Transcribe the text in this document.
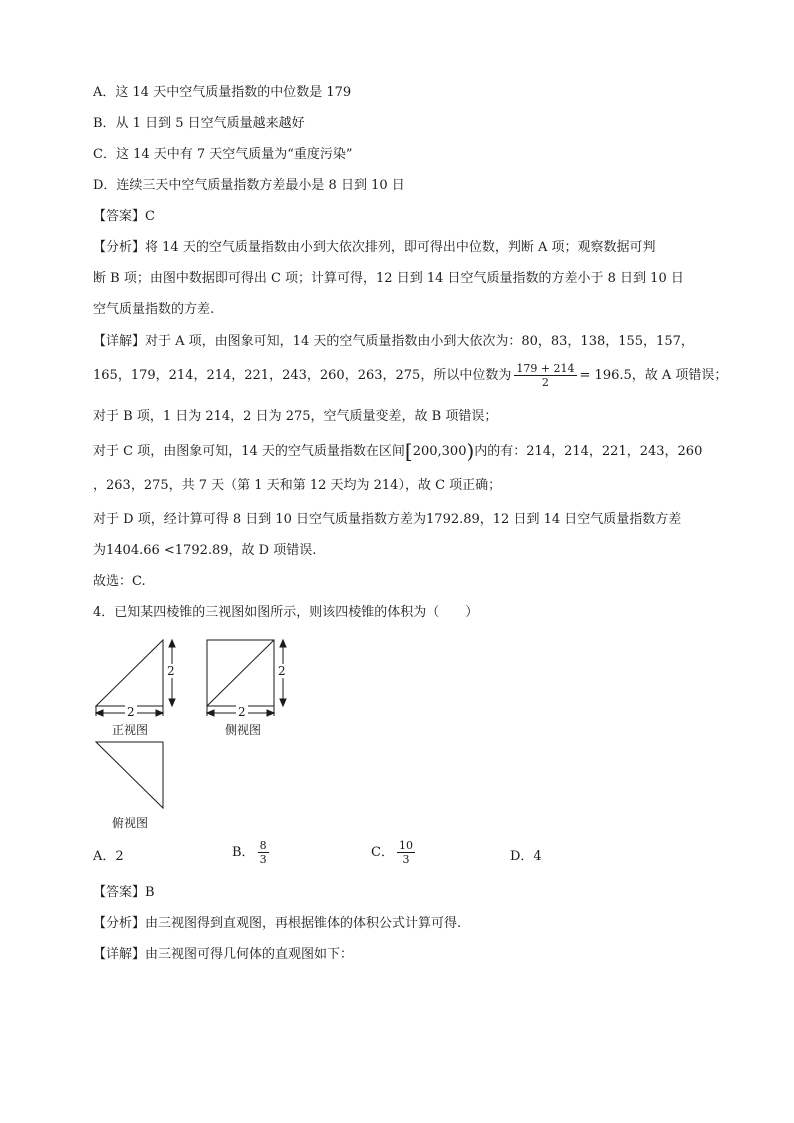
A．这 14 天中空气质量指数的中位数是 179
B．从 1 日到 5 日空气质量越来越好
C．这 14 天中有 7 天空气质量为“重度污染”
D．连续三天中空气质量指数方差最小是 8 日到 10 日
【答案】C
【分析】将 14 天的空气质量指数由小到大依次排列，即可得出中位数，判断 A 项；观察数据可判
断 B 项；由图中数据即可得出 C 项；计算可得，12 日到 14 日空气质量指数的方差小于 8 日到 10 日
空气质量指数的方差.
【详解】对于 A 项，由图象可知，14 天的空气质量指数由小到大依次为：80，83，138，155，157，
165，179，214，214，221，243，260，263，275，所以中位数为 $\frac{179 + 214}{2} = 196.5$，故 A 项错误；
对于 B 项，1 日为 214，2 日为 275，空气质量变差，故 B 项错误；
对于 C 项，由图象可知，14 天的空气质量指数在区间[200,300)内的有：214，214，221，243，260
，263，275，共 7 天（第 1 天和第 12 天均为 214），故 C 项正确；
对于 D 项，经计算可得 8 日到 10 日空气质量指数方差为1792.89，12 日到 14 日空气质量指数方差
为1404.66 <1792.89，故 D 项错误.
故选：C.
4．已知某四棱锥的三视图如图所示，则该四棱锥的体积为（　　）
2
2
正视图
2
2
侧视图
俯视图
A．2	B． $\frac{8}{3}$	C． $\frac{10}{3}$	D．4
【答案】B
【分析】由三视图得到直观图，再根据锥体的体积公式计算可得.
【详解】由三视图可得几何体的直观图如下：
